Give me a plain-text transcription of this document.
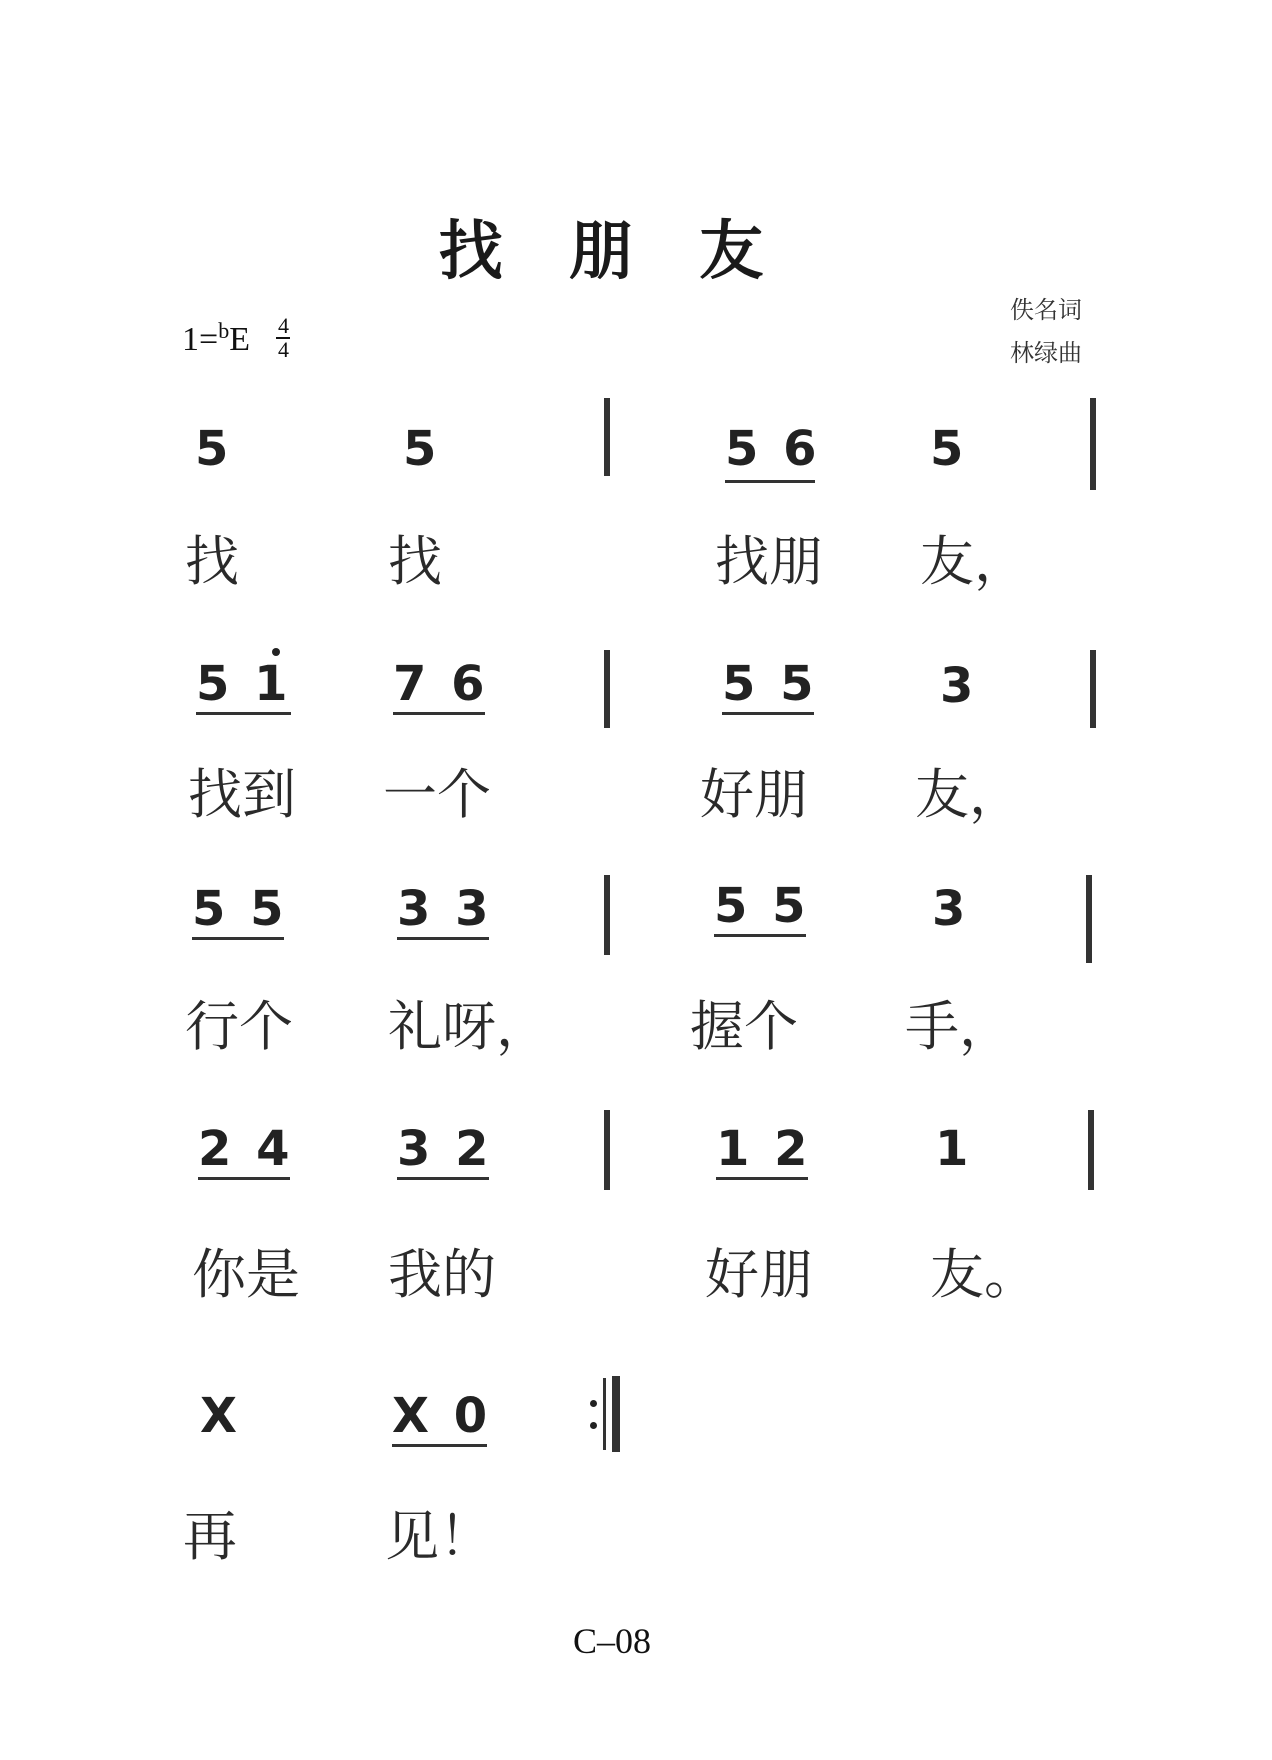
找 朋 友
$1=^bE \frac{4}{4}$
佚名词
林绿曲
5	5	5 6 5
找	找	找朋 友，
5 1 7 6	5 5	3
找到 一个	好朋 友，
5 5 3 3	5 5	3
行个 礼呀，	握个 手，
2 4 3 2	1 2	1
你是 我的	好朋 友。
X	X 0
再	见！
C–08
